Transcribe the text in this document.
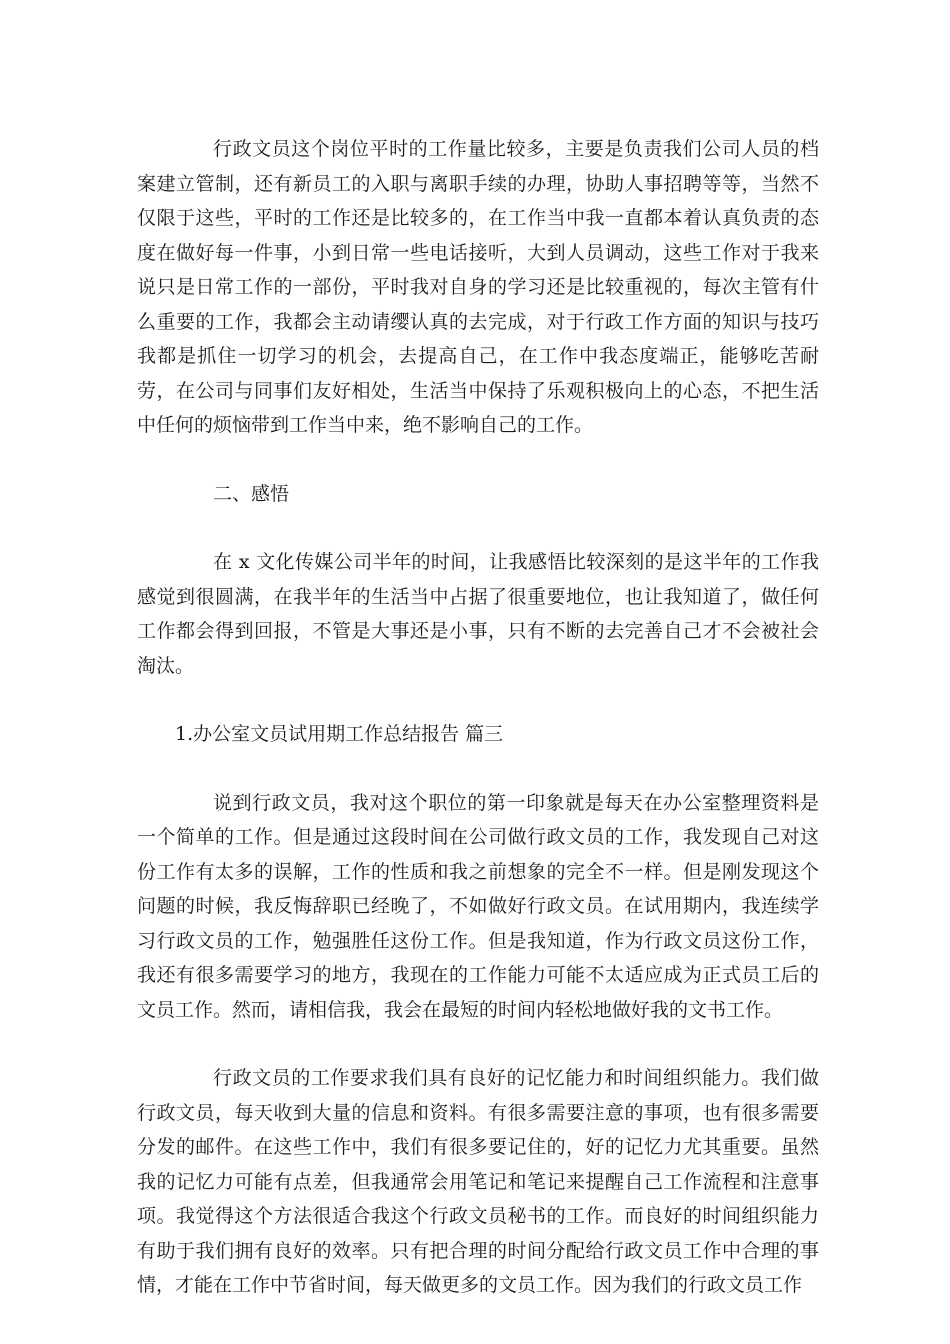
行政文员这个岗位平时的工作量比较多，主要是负责我们公司人员的档案建立管制，还有新员工的入职与离职手续的办理，协助人事招聘等等，当然不仅限于这些，平时的工作还是比较多的，在工作当中我一直都本着认真负责的态度在做好每一件事，小到日常一些电话接听，大到人员调动，这些工作对于我来说只是日常工作的一部份，平时我对自身的学习还是比较重视的，每次主管有什么重要的工作，我都会主动请缨认真的去完成，对于行政工作方面的知识与技巧我都是抓住一切学习的机会，去提高自己，在工作中我态度端正，能够吃苦耐劳，在公司与同事们友好相处，生活当中保持了乐观积极向上的心态，不把生活中任何的烦恼带到工作当中来，绝不影响自己的工作。

二、感悟

在 x 文化传媒公司半年的时间，让我感悟比较深刻的是这半年的工作我感觉到很圆满，在我半年的生活当中占据了很重要地位，也让我知道了，做任何工作都会得到回报，不管是大事还是小事，只有不断的去完善自己才不会被社会淘汰。

1.办公室文员试用期工作总结报告 篇三

说到行政文员，我对这个职位的第一印象就是每天在办公室整理资料是一个简单的工作。但是通过这段时间在公司做行政文员的工作，我发现自己对这份工作有太多的误解，工作的性质和我之前想象的完全不一样。但是刚发现这个问题的时候，我反悔辞职已经晚了，不如做好行政文员。在试用期内，我连续学习行政文员的工作，勉强胜任这份工作。但是我知道，作为行政文员这份工作，我还有很多需要学习的地方，我现在的工作能力可能不太适应成为正式员工后的文员工作。然而，请相信我，我会在最短的时间内轻松地做好我的文书工作。

行政文员的工作要求我们具有良好的记忆能力和时间组织能力。我们做行政文员，每天收到大量的信息和资料。有很多需要注意的事项，也有很多需要分发的邮件。在这些工作中，我们有很多要记住的，好的记忆力尤其重要。虽然我的记忆力可能有点差，但我通常会用笔记和笔记来提醒自己工作流程和注意事项。我觉得这个方法很适合我这个行政文员秘书的工作。而良好的时间组织能力有助于我们拥有良好的效率。只有把合理的时间分配给行政文员工作中合理的事情，才能在工作中节省时间，每天做更多的文员工作。因为我们的行政文员工作
